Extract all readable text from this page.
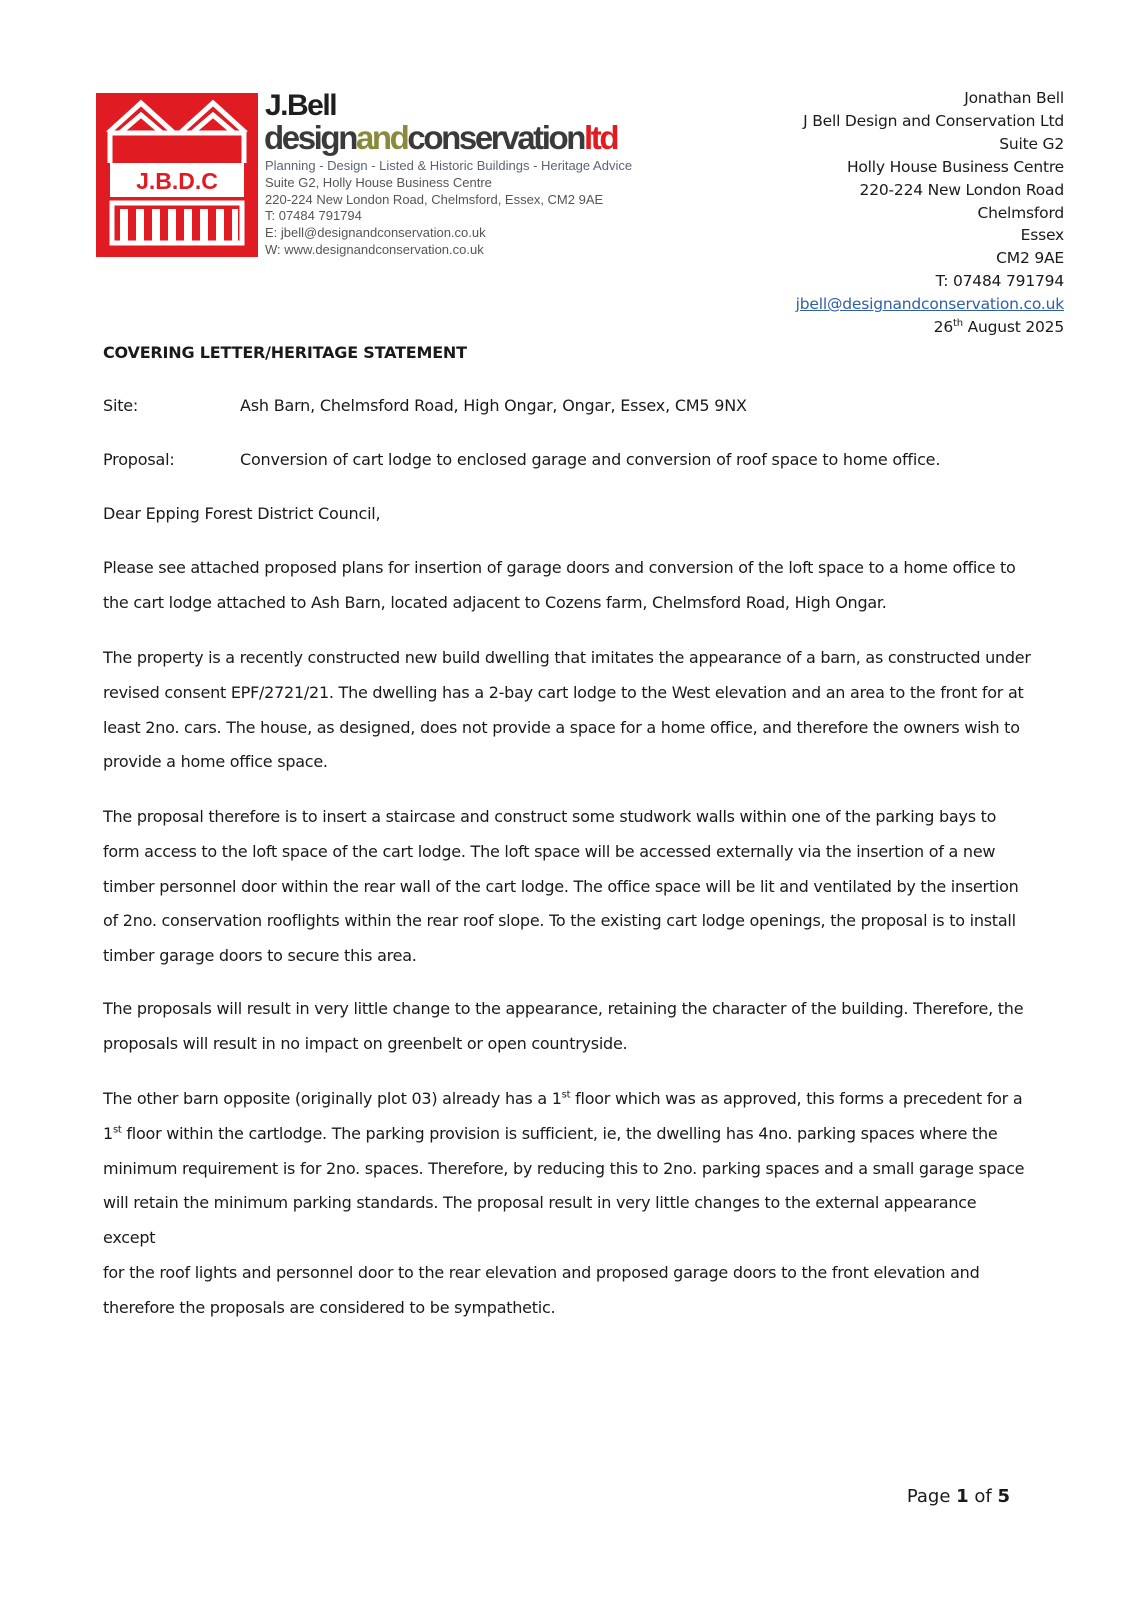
J.B.D.C
J.Bell
designandconservationltd
Planning - Design - Listed & Historic Buildings - Heritage Advice
Suite G2, Holly House Business Centre
220-224 New London Road, Chelmsford, Essex, CM2 9AE
T: 07484 791794
E: jbell@designandconservation.co.uk
W: www.designandconservation.co.uk
Jonathan Bell
J Bell Design and Conservation Ltd
Suite G2
Holly House Business Centre
220-224 New London Road
Chelmsford
Essex
CM2 9AE
T: 07484 791794
jbell@designandconservation.co.uk
26th August 2025
COVERING LETTER/HERITAGE STATEMENT
Site:	Ash Barn, Chelmsford Road, High Ongar, Ongar, Essex, CM5 9NX
Proposal:	Conversion of cart lodge to enclosed garage and conversion of roof space to home office.
Dear Epping Forest District Council,
Please see attached proposed plans for insertion of garage doors and conversion of the loft space to a home office to
the cart lodge attached to Ash Barn, located adjacent to Cozens farm, Chelmsford Road, High Ongar.
The property is a recently constructed new build dwelling that imitates the appearance of a barn, as constructed under
revised consent EPF/2721/21. The dwelling has a 2-bay cart lodge to the West elevation and an area to the front for at
least 2no. cars. The house, as designed, does not provide a space for a home office, and therefore the owners wish to
provide a home office space.
The proposal therefore is to insert a staircase and construct some studwork walls within one of the parking bays to
form access to the loft space of the cart lodge. The loft space will be accessed externally via the insertion of a new
timber personnel door within the rear wall of the cart lodge. The office space will be lit and ventilated by the insertion
of 2no. conservation rooflights within the rear roof slope. To the existing cart lodge openings, the proposal is to install
timber garage doors to secure this area.
The proposals will result in very little change to the appearance, retaining the character of the building. Therefore, the
proposals will result in no impact on greenbelt or open countryside.
The other barn opposite (originally plot 03) already has a 1st floor which was as approved, this forms a precedent for a
1st floor within the cartlodge. The parking provision is sufficient, ie, the dwelling has 4no. parking spaces where the
minimum requirement is for 2no. spaces. Therefore, by reducing this to 2no. parking spaces and a small garage space
will retain the minimum parking standards. The proposal result in very little changes to the external appearance except
for the roof lights and personnel door to the rear elevation and proposed garage doors to the front elevation and
therefore the proposals are considered to be sympathetic.
Page 1 of 5
